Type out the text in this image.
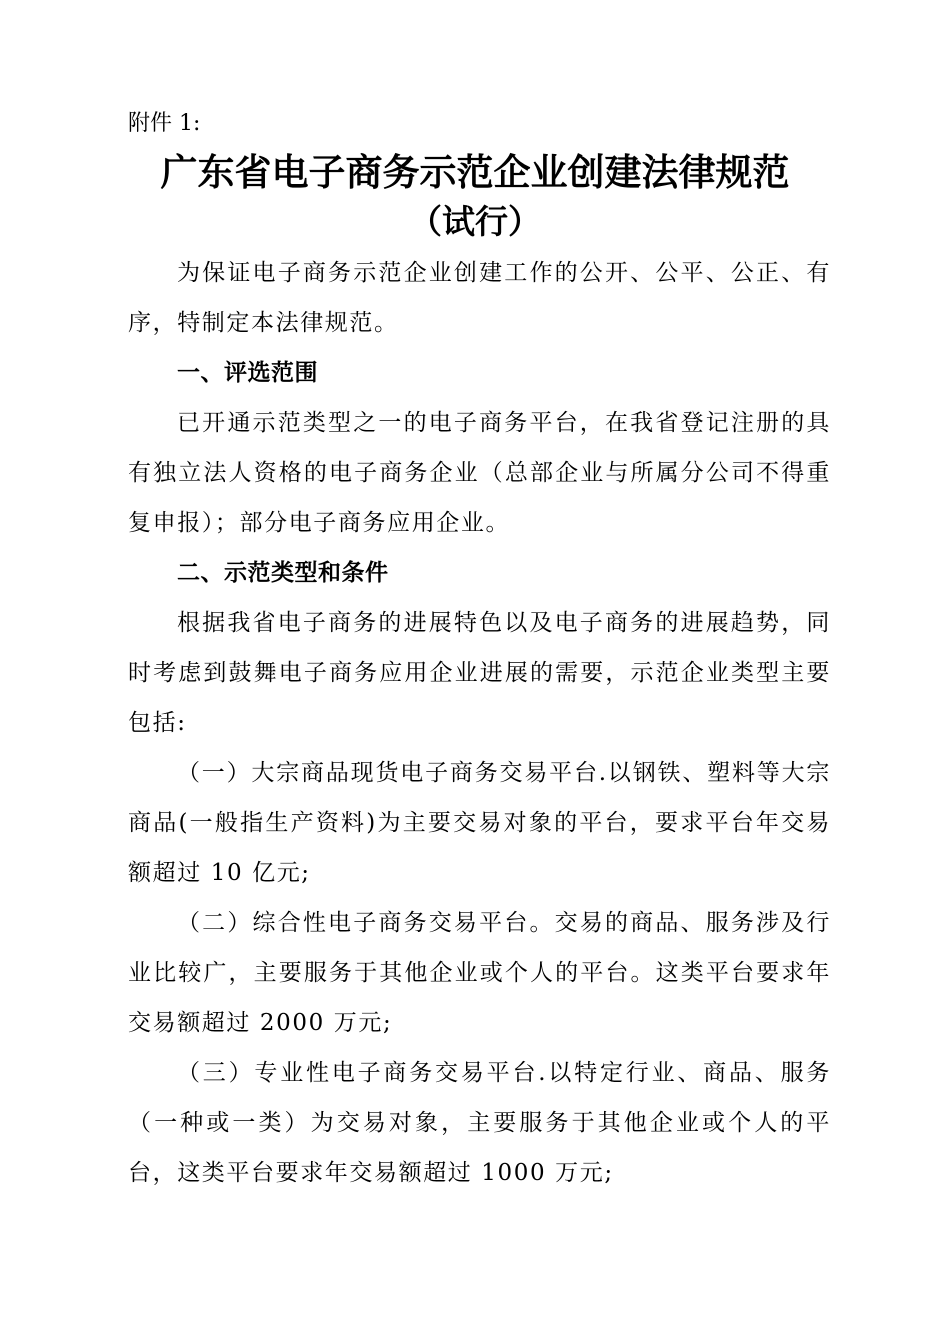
附件 1:
广东省电子商务示范企业创建法律规范
（试行）

为保证电子商务示范企业创建工作的公开、公平、公正、有序，特制定本法律规范。

一、评选范围

已开通示范类型之一的电子商务平台，在我省登记注册的具有独立法人资格的电子商务企业（总部企业与所属分公司不得重复申报）；部分电子商务应用企业。

二、示范类型和条件

根据我省电子商务的进展特色以及电子商务的进展趋势，同时考虑到鼓舞电子商务应用企业进展的需要，示范企业类型主要包括:

（一）大宗商品现货电子商务交易平台.以钢铁、塑料等大宗商品(一般指生产资料)为主要交易对象的平台，要求平台年交易额超过 10 亿元;

（二）综合性电子商务交易平台。交易的商品、服务涉及行业比较广，主要服务于其他企业或个人的平台。这类平台要求年交易额超过 2000 万元;

（三）专业性电子商务交易平台.以特定行业、商品、服务（一种或一类）为交易对象，主要服务于其他企业或个人的平台，这类平台要求年交易额超过 1000 万元;
